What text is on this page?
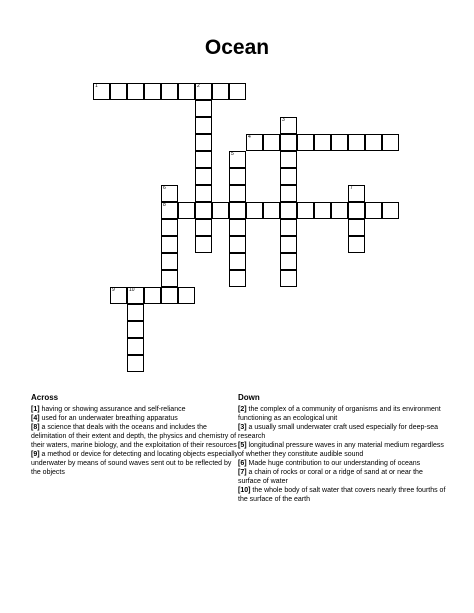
Ocean
1	2
3
4
5
6
8
7
9	10
Across
[1] having or showing assurance and self-reliance
[4] used for an underwater breathing apparatus
[8] a science that deals with the oceans and includes the delimitation of their extent and depth, the physics and chemistry of their waters, marine biology, and the exploitation of their resources
[9] a method or device for detecting and locating objects especially underwater by means of sound waves sent out to be reflected by the objects
Down
[2] the complex of a community of organisms and its environment functioning as an ecological unit
[3] a usually small underwater craft used especially for deep-sea research
[5] longitudinal pressure waves in any material medium regardless of whether they constitute audible sound
[6] Made huge contribution to our understanding of oceans
[7] a chain of rocks or coral or a ridge of sand at or near the surface of water
[10] the whole body of salt water that covers nearly three fourths of the surface of the earth
